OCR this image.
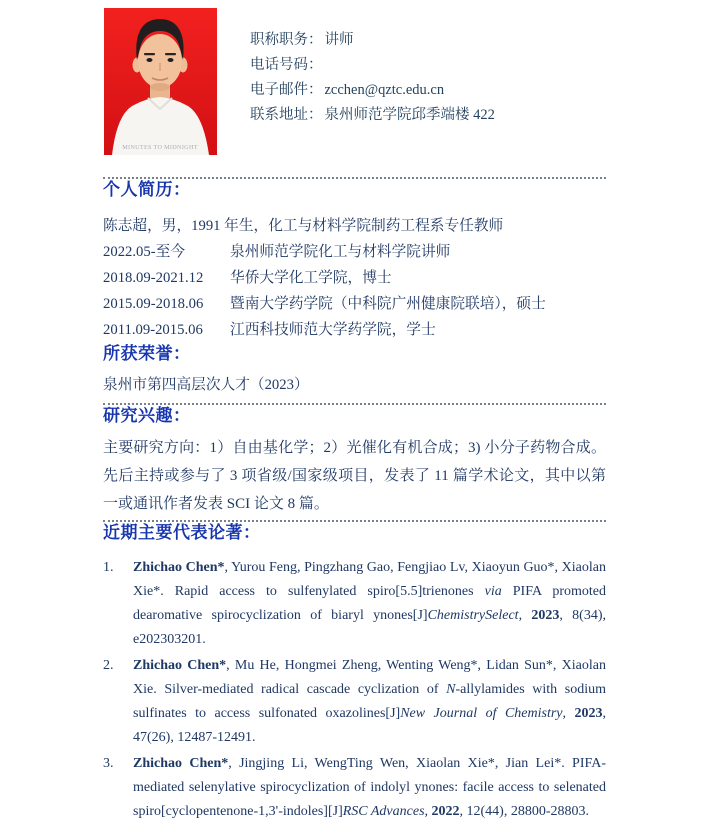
MINUTES TO MIDNIGHT
职称职务： 讲师
电话号码：
电子邮件： zcchen@qztc.edu.cn
联系地址： 泉州师范学院邱季端楼 422
个人简历：

陈志超，男，1991 年生，化工与材料学院制药工程系专任教师

2022.05-至今	泉州师范学院化工与材料学院讲师
2018.09-2021.12 华侨大学化工学院，博士
2015.09-2018.06 暨南大学药学院（中科院广州健康院联培），硕士
2011.09-2015.06 江西科技师范大学药学院，学士
所获荣誉：

泉州市第四高层次人才（2023）

研究兴趣：

主要研究方向：1）自由基化学；2）光催化有机合成；3) 小分子药物合成。先后主持或参与了 3 项省级/国家级项目，发表了 11 篇学术论文，其中以第一或通讯作者发表 SCI 论文 8 篇。

近期主要代表论著：
1. Zhichao Chen*, Yurou Feng, Pingzhang Gao, Fengjiao Lv, Xiaoyun Guo*, Xiaolan Xie*. Rapid access to sulfenylated spiro[5.5]trienones via PIFA promoted dearomative spirocyclization of biaryl ynones[J]ChemistrySelect, 2023, 8(34), e202303201.
2. Zhichao Chen*, Mu He, Hongmei Zheng, Wenting Weng*, Lidan Sun*, Xiaolan Xie. Silver-mediated radical cascade cyclization of N-allylamides with sodium sulfinates to access sulfonated oxazolines[J]New Journal of Chemistry, 2023, 47(26), 12487-12491.
3. Zhichao Chen*, Jingjing Li, WengTing Wen, Xiaolan Xie*, Jian Lei*. PIFA-mediated selenylative spirocyclization of indolyl ynones: facile access to selenated spiro[cyclopentenone-1,3'-indoles][J]RSC Advances, 2022, 12(44), 28800-28803.
